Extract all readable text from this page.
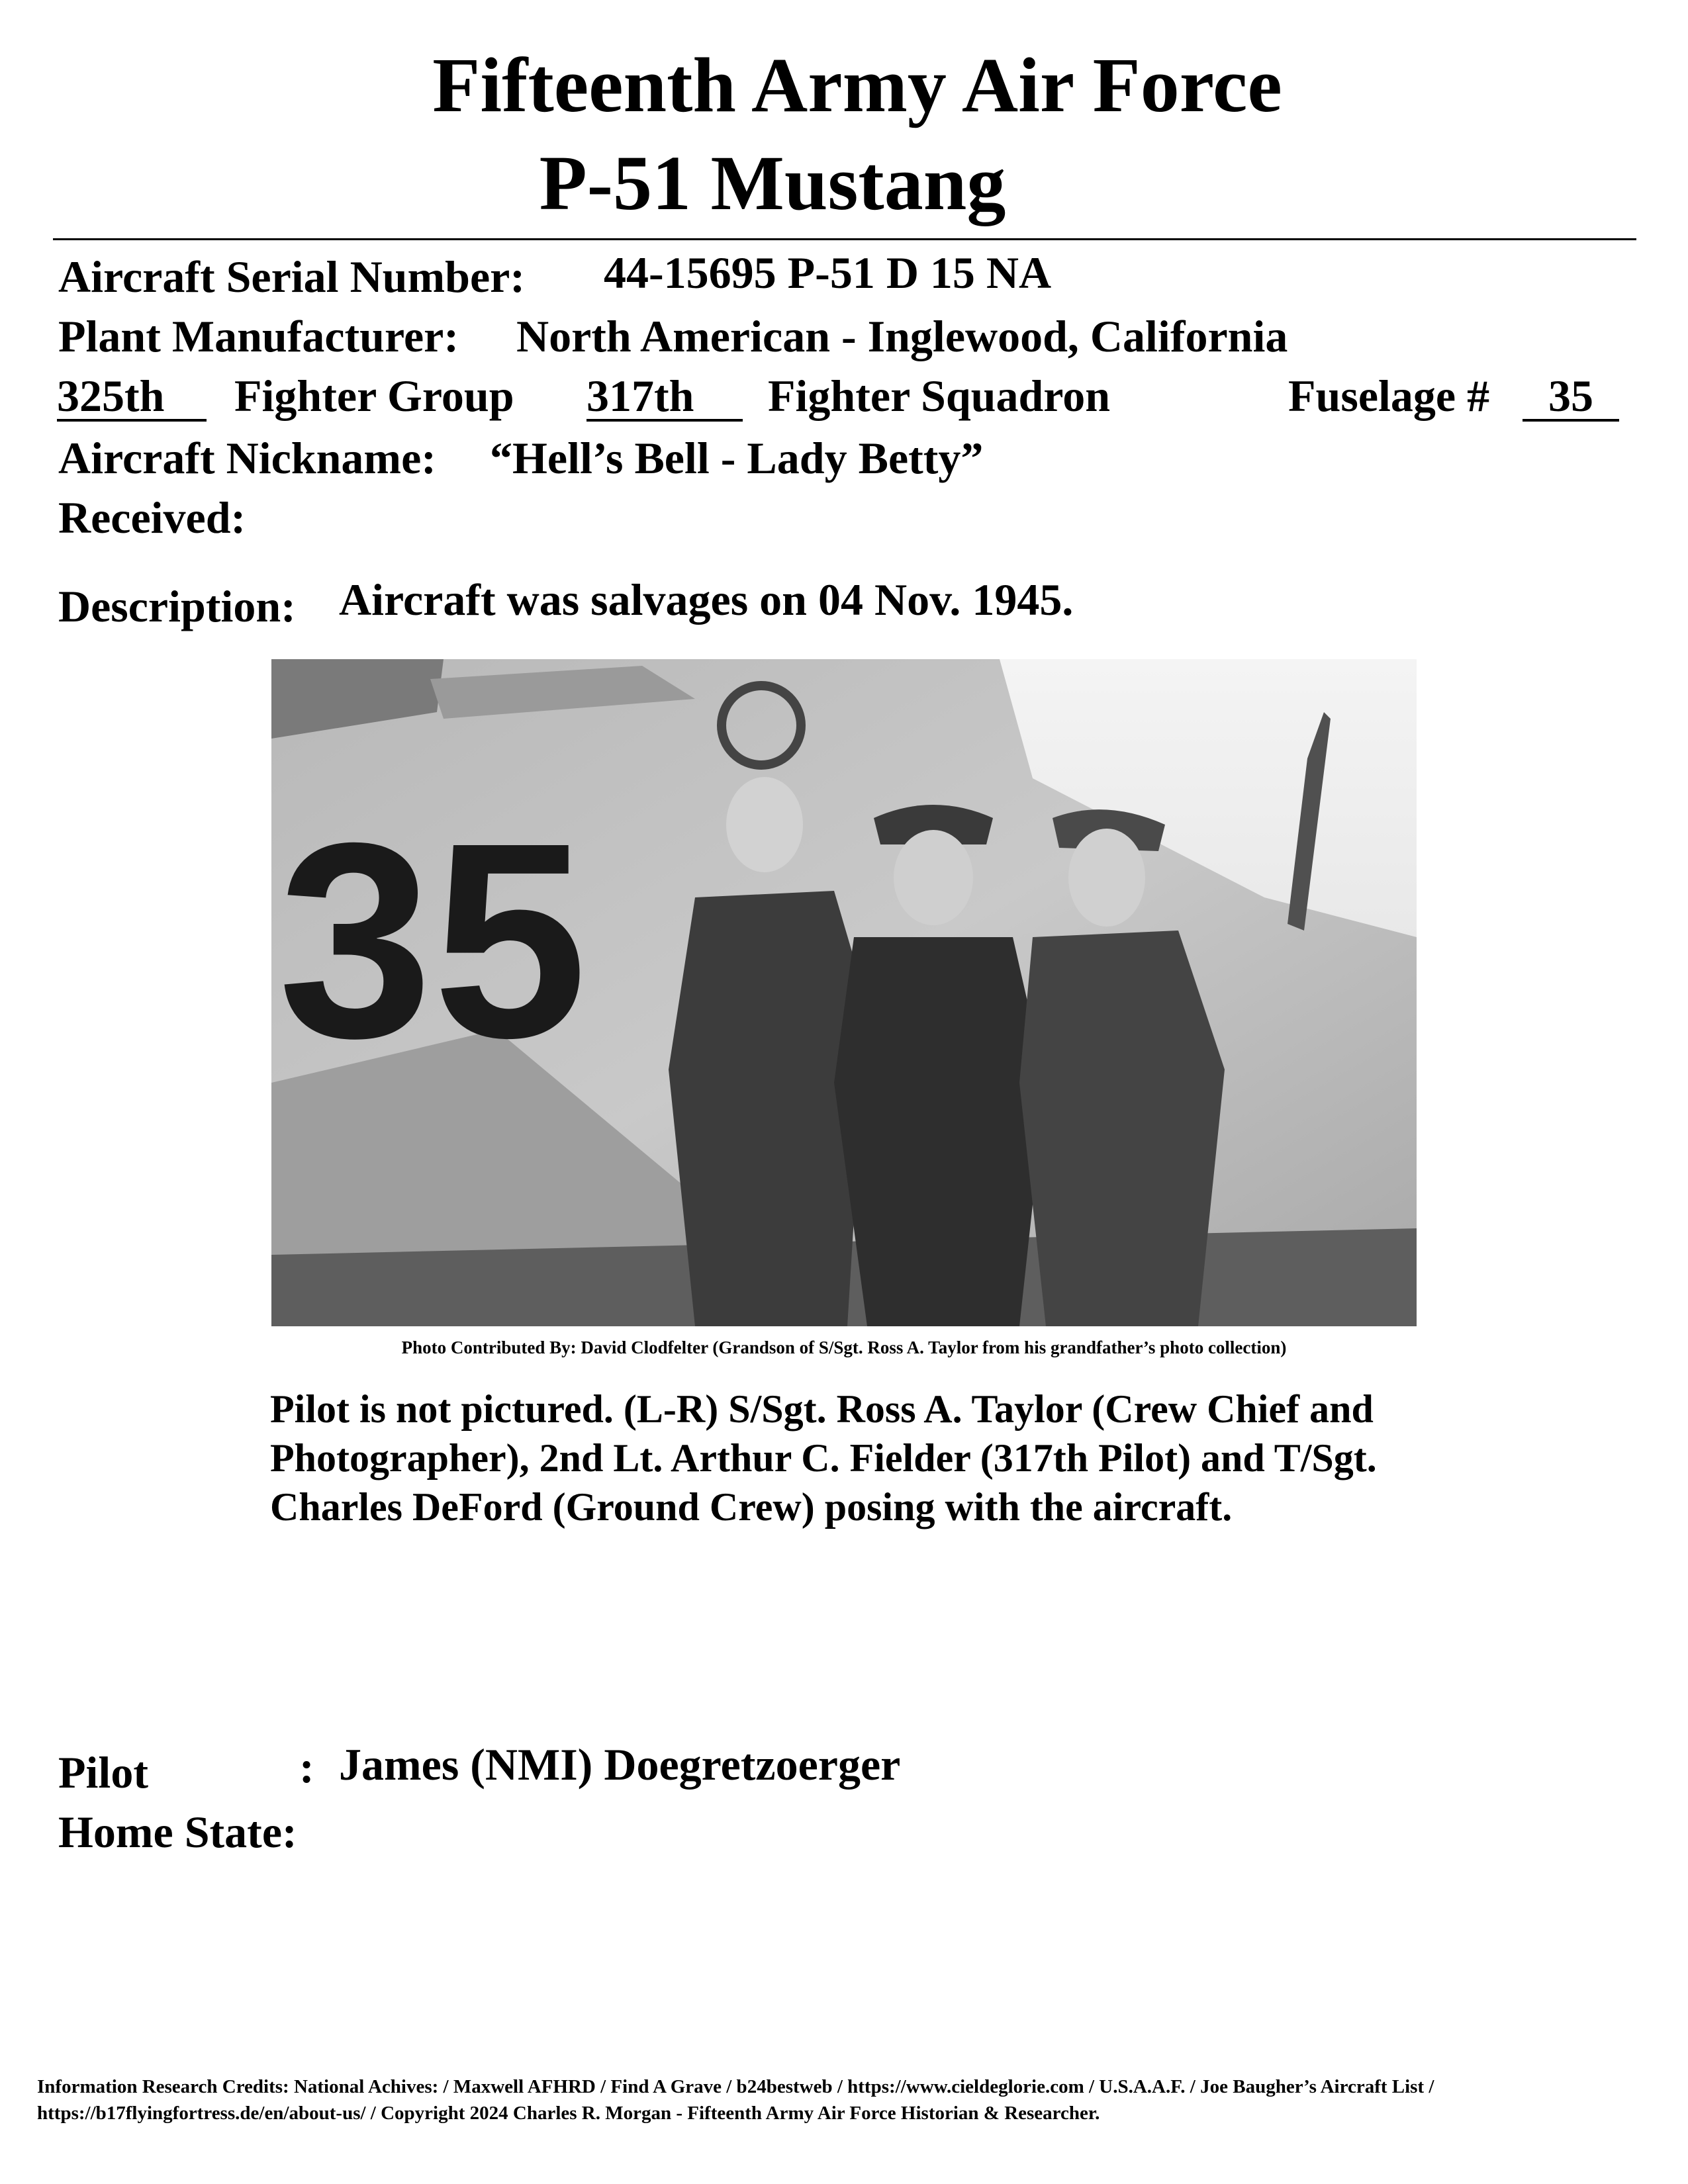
Fifteenth Army Air Force
P-51 Mustang
Aircraft Serial Number: 44-15695 P-51 D 15 NA
Plant Manufacturer: North American - Inglewood, California
325th	Fighter Group 317th	Fighter Squadron	Fuselage #	35
Aircraft Nickname: “Hell’s Bell - Lady Betty”
Received:
Description: Aircraft was salvages on 04 Nov. 1945.
35
Photo Contributed By: David Clodfelter (Grandson of S/Sgt. Ross A. Taylor from his grandfather’s photo collection)
Pilot is not pictured. (L-R) S/Sgt. Ross A. Taylor (Crew Chief and Photographer), 2nd Lt. Arthur C. Fielder (317th Pilot) and T/Sgt. Charles DeFord (Ground Crew) posing with the aircraft.
Pilot	: James (NMI) Doegretzoerger
Home State:
Information Research Credits: National Achives: / Maxwell AFHRD / Find A Grave / b24bestweb / https://www.cieldeglorie.com / U.S.A.A.F. / Joe Baugher’s Aircraft List / https://b17flyingfortress.de/en/about-us/ / Copyright 2024 Charles R. Morgan - Fifteenth Army Air Force Historian & Researcher.
